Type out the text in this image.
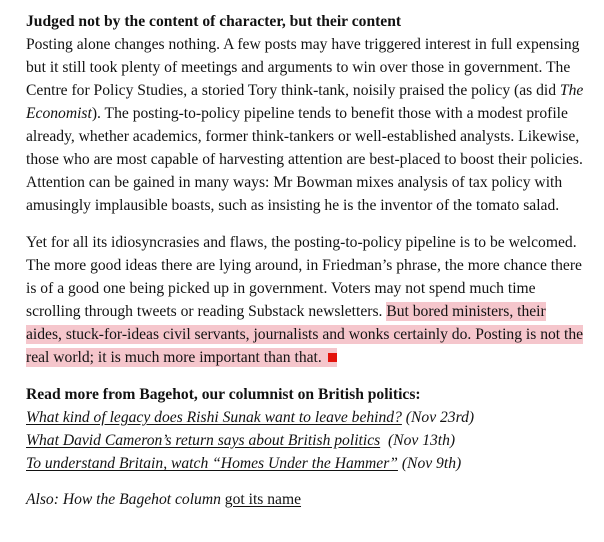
Judged not by the content of character, but their content

Posting alone changes nothing. A few posts may have triggered interest in full expensing but it still took plenty of meetings and arguments to win over those in government. The Centre for Policy Studies, a storied Tory think-tank, noisily praised the policy (as did The Economist). The posting-to-policy pipeline tends to benefit those with a modest profile already, whether academics, former think-tankers or well-established analysts. Likewise, those who are most capable of harvesting attention are best-placed to boost their policies. Attention can be gained in many ways: Mr Bowman mixes analysis of tax policy with amusingly implausible boasts, such as insisting he is the inventor of the tomato salad.

Yet for all its idiosyncrasies and flaws, the posting-to-policy pipeline is to be welcomed. The more good ideas there are lying around, in Friedman’s phrase, the more chance there is of a good one being picked up in government. Voters may not spend much time scrolling through tweets or reading Substack newsletters. But bored ministers, their aides, stuck-for-ideas civil servants, journalists and wonks certainly do. Posting is not the real world; it is much more important than that.

Read more from Bagehot, our columnist on British politics:
What kind of legacy does Rishi Sunak want to leave behind? (Nov 23rd)
What David Cameron’s return says about British politics  (Nov 13th)
To understand Britain, watch “Homes Under the Hammer” (Nov 9th)

Also: How the Bagehot column got its name
